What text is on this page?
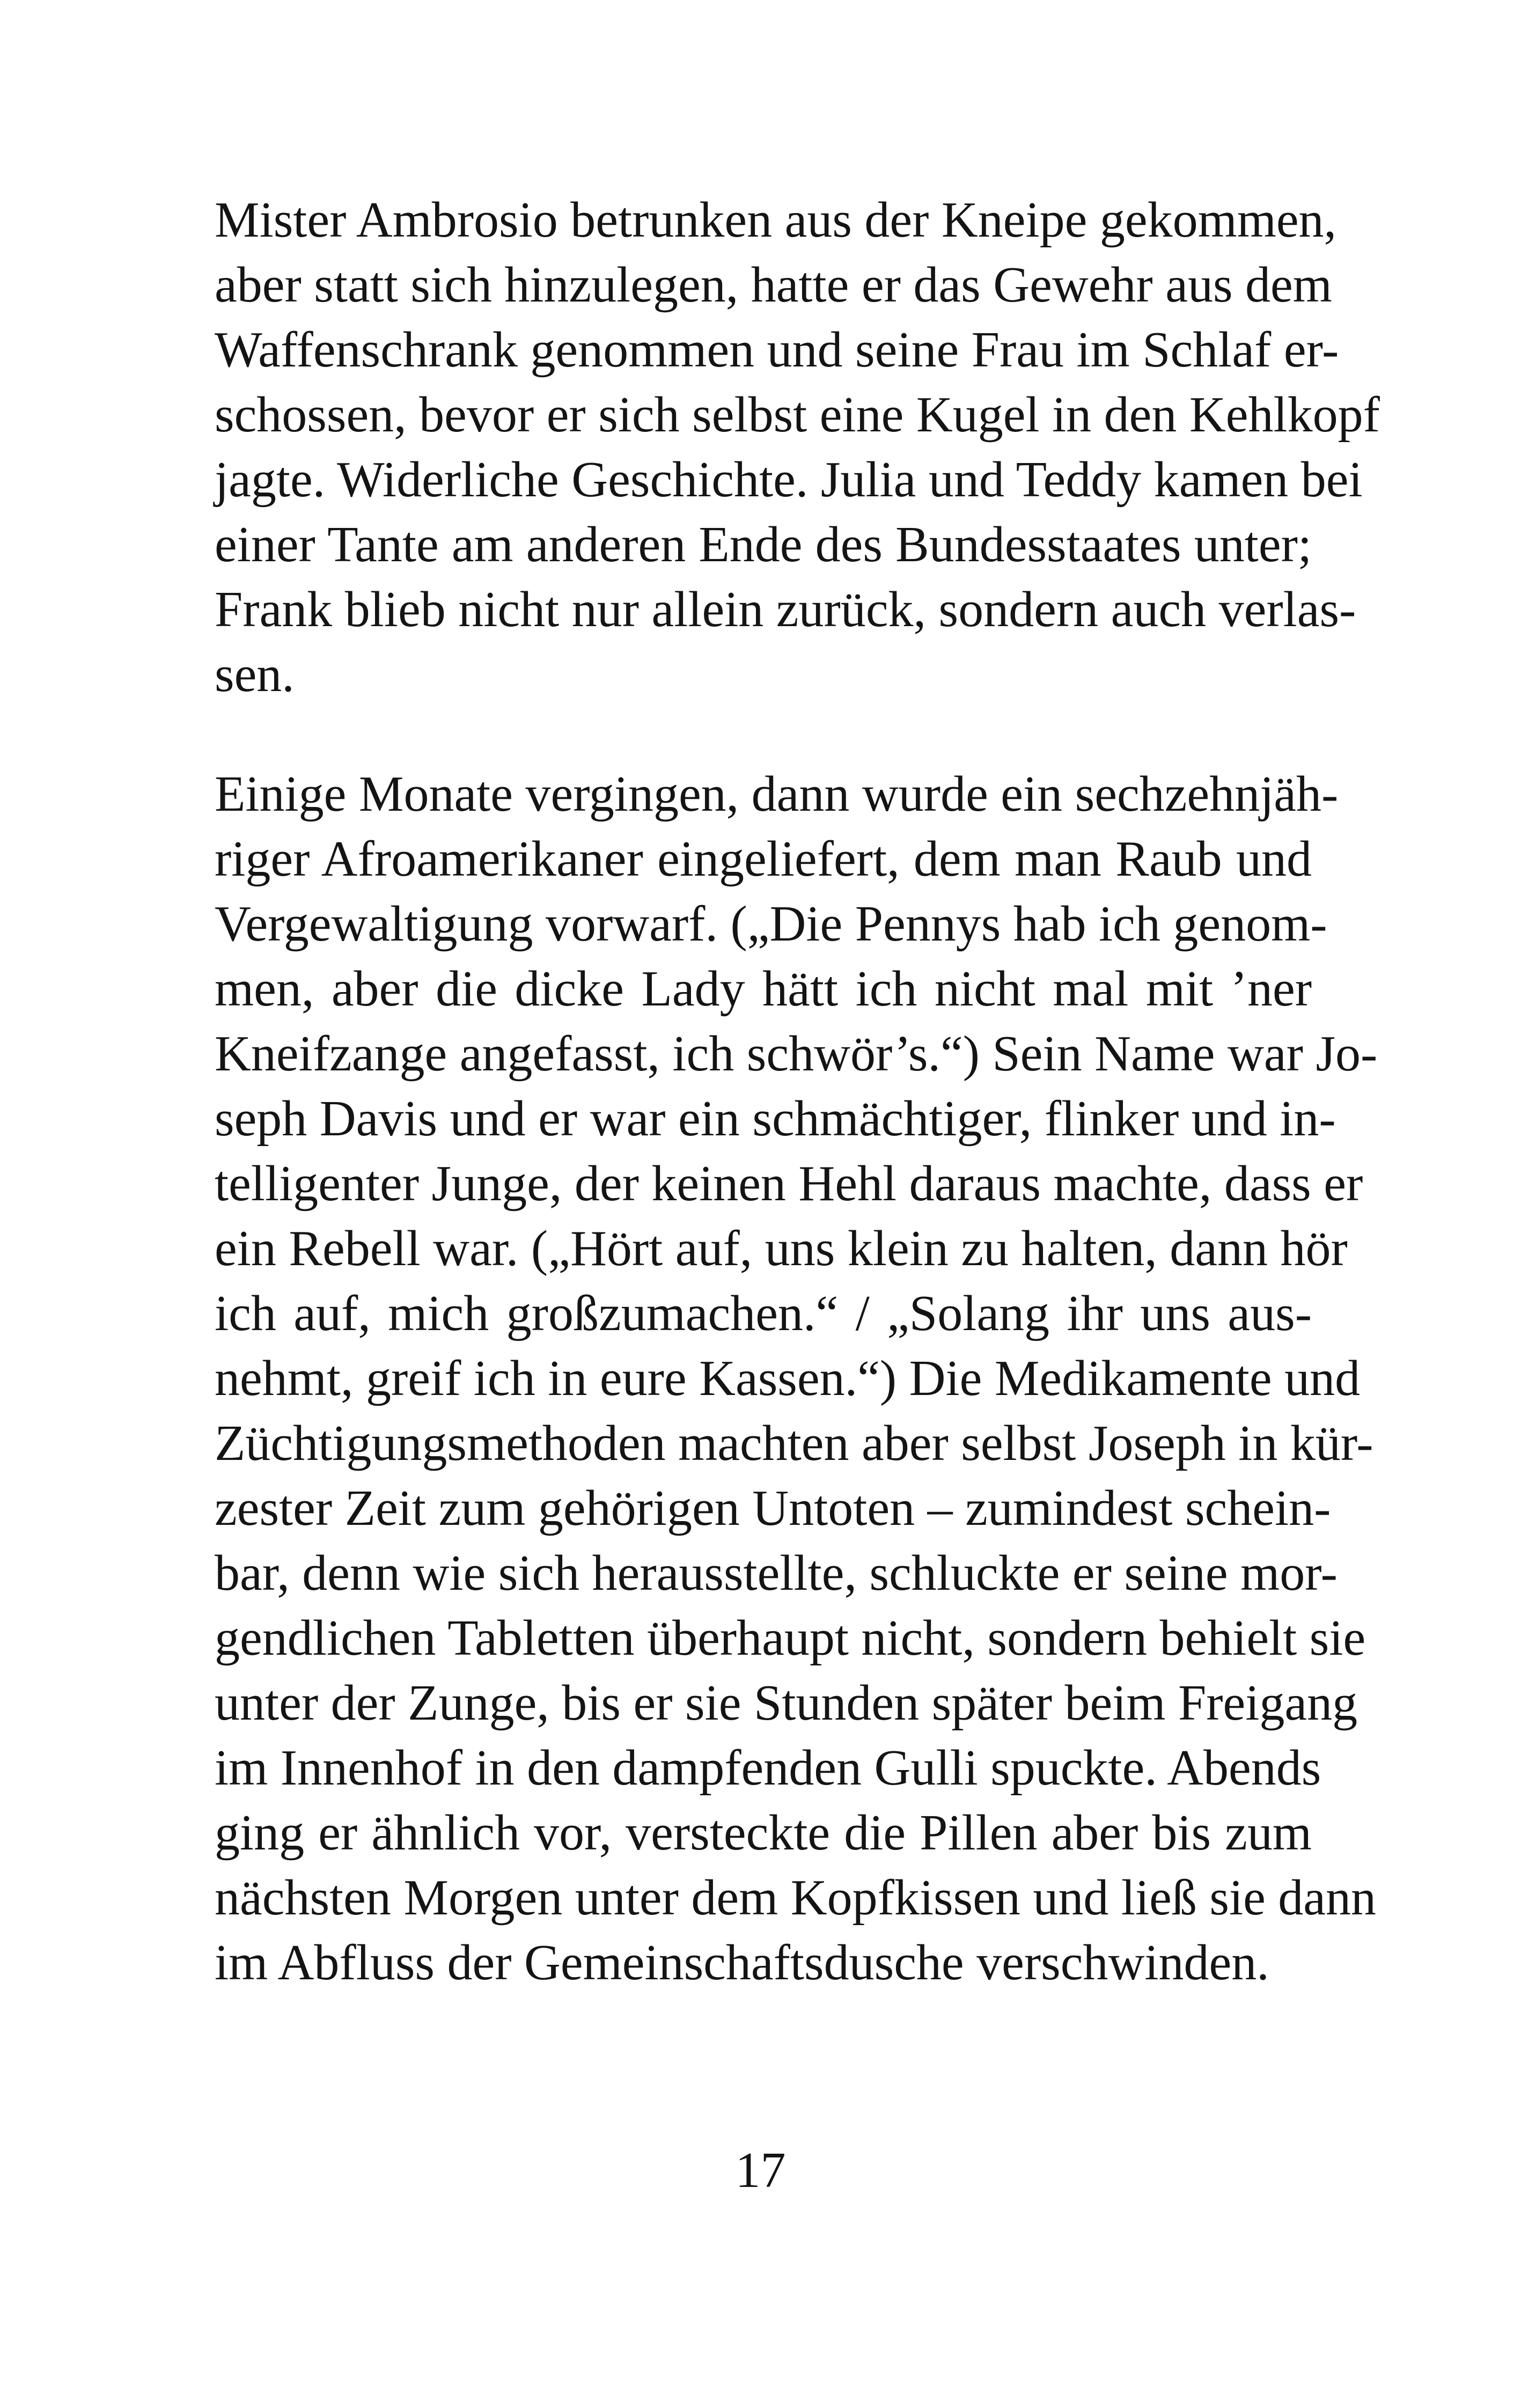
Mister Ambrosio betrunken aus der Kneipe gekommen,
aber statt sich hinzulegen, hatte er das Gewehr aus dem
Waffenschrank genommen und seine Frau im Schlaf er-
schossen, bevor er sich selbst eine Kugel in den Kehlkopf
jagte. Widerliche Geschichte. Julia und Teddy kamen bei
einer Tante am anderen Ende des Bundesstaates unter;
Frank blieb nicht nur allein zurück, sondern auch verlas-
sen.

Einige Monate vergingen, dann wurde ein sechzehnjäh-
riger Afroamerikaner eingeliefert, dem man Raub und
Vergewaltigung vorwarf. („Die Pennys hab ich genom-
men, aber die dicke Lady hätt ich nicht mal mit ’ner
Kneifzange angefasst, ich schwör’s.“) Sein Name war Jo-
seph Davis und er war ein schmächtiger, flinker und in-
telligenter Junge, der keinen Hehl daraus machte, dass er
ein Rebell war. („Hört auf, uns klein zu halten, dann hör
ich auf, mich großzumachen.“ / „Solang ihr uns aus-
nehmt, greif ich in eure Kassen.“) Die Medikamente und
Züchtigungsmethoden machten aber selbst Joseph in kür-
zester Zeit zum gehörigen Untoten – zumindest schein-
bar, denn wie sich herausstellte, schluckte er seine mor-
gendlichen Tabletten überhaupt nicht, sondern behielt sie
unter der Zunge, bis er sie Stunden später beim Freigang
im Innenhof in den dampfenden Gulli spuckte. Abends
ging er ähnlich vor, versteckte die Pillen aber bis zum
nächsten Morgen unter dem Kopfkissen und ließ sie dann
im Abfluss der Gemeinschaftsdusche verschwinden.

17
